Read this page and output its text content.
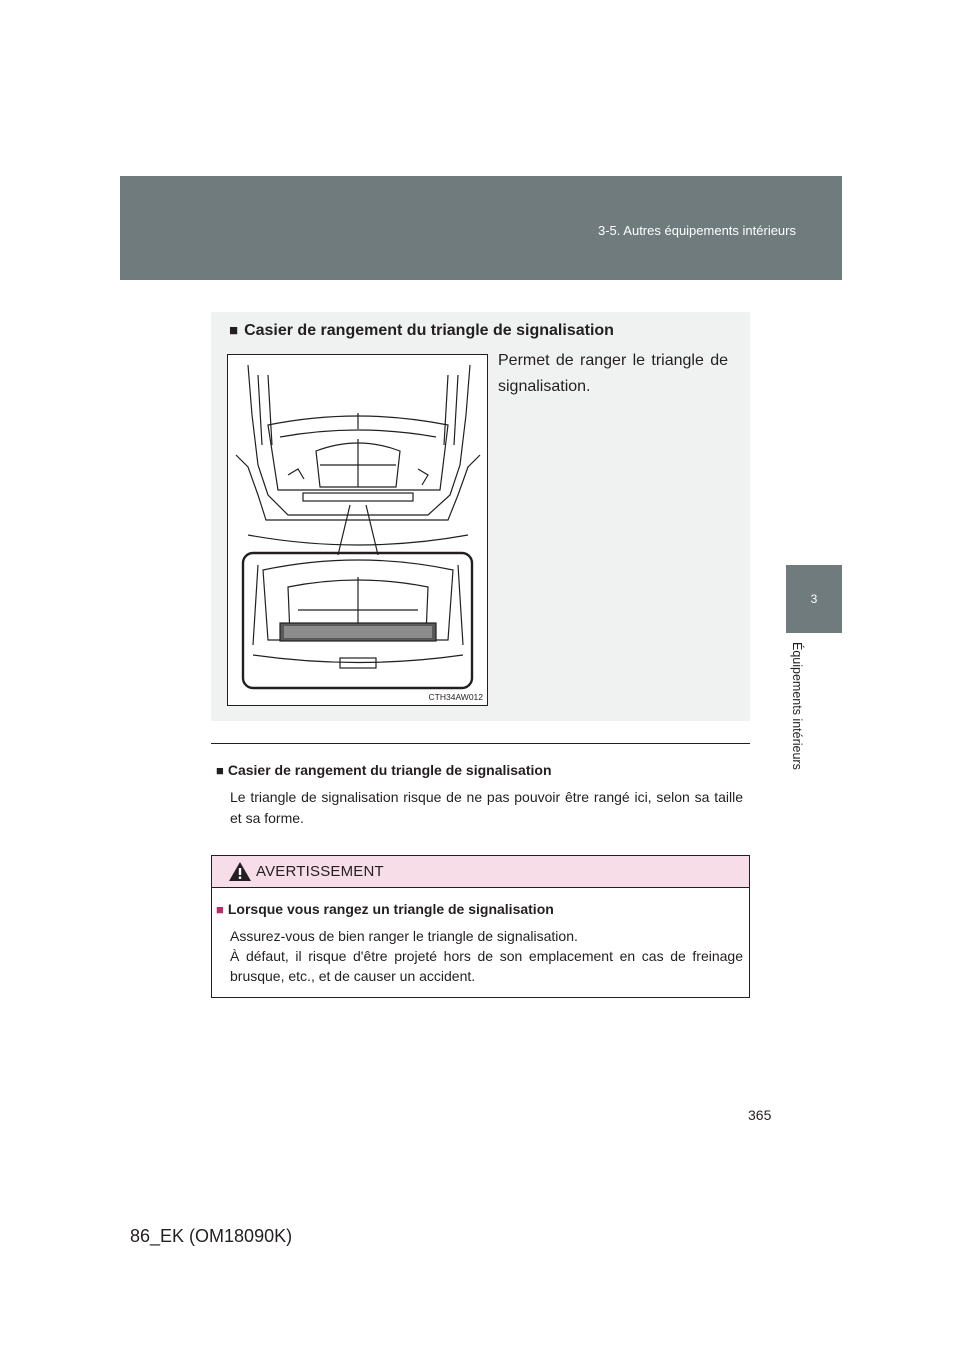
3-5. Autres équipements intérieurs
3
Équipements intérieurs
■ Casier de rangement du triangle de signalisation
Permet de ranger le triangle de signalisation.
CTH34AW012
■ Casier de rangement du triangle de signalisation
Le triangle de signalisation risque de ne pas pouvoir être rangé ici, selon sa taille et sa forme.
AVERTISSEMENT
■ Lorsque vous rangez un triangle de signalisation
Assurez-vous de bien ranger le triangle de signalisation.
À défaut, il risque d'être projeté hors de son emplacement en cas de freinage brusque, etc., et de causer un accident.
365
86_EK (OM18090K)
